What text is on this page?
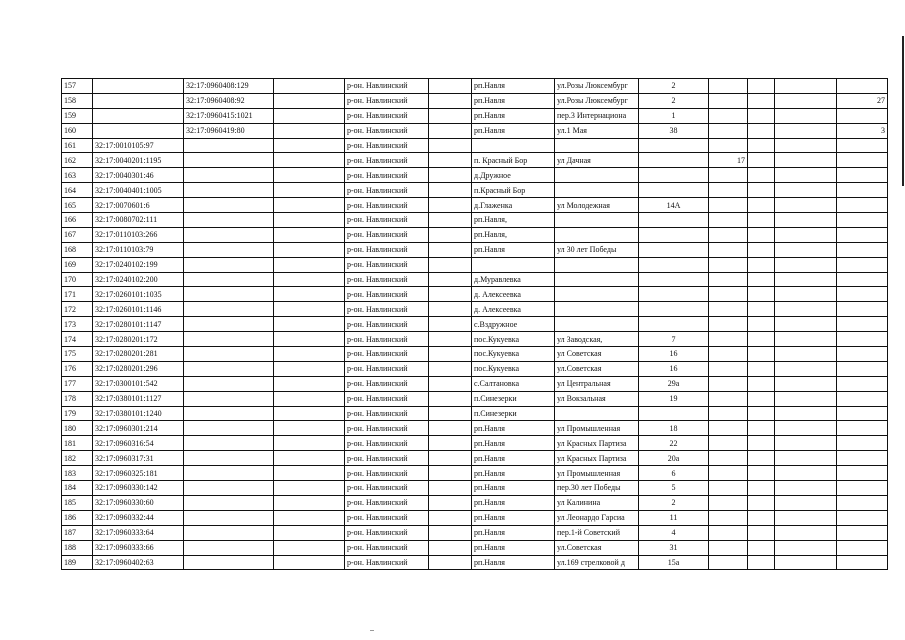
157		32:17:0960408:129		р-он. Навлинский		рп.Навля	ул.Розы Люксембург	2				
158		32:17:0960408:92		р-он. Навлинский		рп.Навля	ул.Розы Люксембург	2				27
159		32:17:0960415:1021		р-он. Навлинский		рп.Навля	пер.3 Интернациона	1				
160		32:17:0960419:80		р-он. Навлинский		рп.Навля	ул.1 Мая	38				3
161	32:17:0010105:97			р-он. Навлинский								
162	32:17:0040201:1195			р-он. Навлинский		п. Красный Бор	ул Дачная		17			
163	32:17:0040301:46			р-он. Навлинский		д.Дружное						
164	32:17:0040401:1005			р-он. Навлинский		п.Красный Бор						
165	32:17:0070601:6			р-он. Навлинский		д.Глаженка	ул Молодежная	14А				
166	32:17:0080702:111			р-он. Навлинский		рп.Навля,						
167	32:17:0110103:266			р-он. Навлинский		рп.Навля,						
168	32:17:0110103:79			р-он. Навлинский		рп.Навля	ул 30 лет Победы					
169	32:17:0240102:199			р-он. Навлинский								
170	32:17:0240102:200			р-он. Навлинский		д.Муравлевка						
171	32:17:0260101:1035			р-он. Навлинский		д. Алексеевка						
172	32:17:0260101:1146			р-он. Навлинский		д. Алексеевка						
173	32:17:0280101:1147			р-он. Навлинский		с.Вздружное						
174	32:17:0280201:172			р-он. Навлинский		пос.Кукуевка	ул Заводская,	7				
175	32:17:0280201:281			р-он. Навлинский		пос.Кукуевка	ул Советская	16				
176	32:17:0280201:296			р-он. Навлинский		пос.Кукуевка	ул.Советская	16				
177	32:17:0300101:542			р-он. Навлинский		с.Салтановка	ул Центральная	29а				
178	32:17:0380101:1127			р-он. Навлинский		п.Синезерки	ул Вокзальная	19				
179	32:17:0380101:1240			р-он. Навлинский		п.Синезерки						
180	32:17:0960301:214			р-он. Навлинский		рп.Навля	ул Промышленная	18				
181	32:17:0960316:54			р-он. Навлинский		рп.Навля	ул Красных Партиза	22				
182	32:17:0960317:31			р-он. Навлинский		рп.Навля	ул Красных Партиза	20а				
183	32:17:0960325:181			р-он. Навлинский		рп.Навля	ул Промышленная	6				
184	32:17:0960330:142			р-он. Навлинский		рп.Навля	пер.30 лет Победы	5				
185	32:17:0960330:60			р-он. Навлинский		рп.Навля	ул Калинина	2				
186	32:17:0960332:44			р-он. Навлинский		рп.Навля	ул Леонардо Гарсиа	11				
187	32:17:0960333:64			р-он. Навлинский		рп.Навля	пер.1-й Советский	4				
188	32:17:0960333:66			р-он. Навлинский		рп.Навля	ул.Советская	31				
189	32:17:0960402:63			р-он. Навлинский		рп.Навля	ул.169 стрелковой д	15а				
